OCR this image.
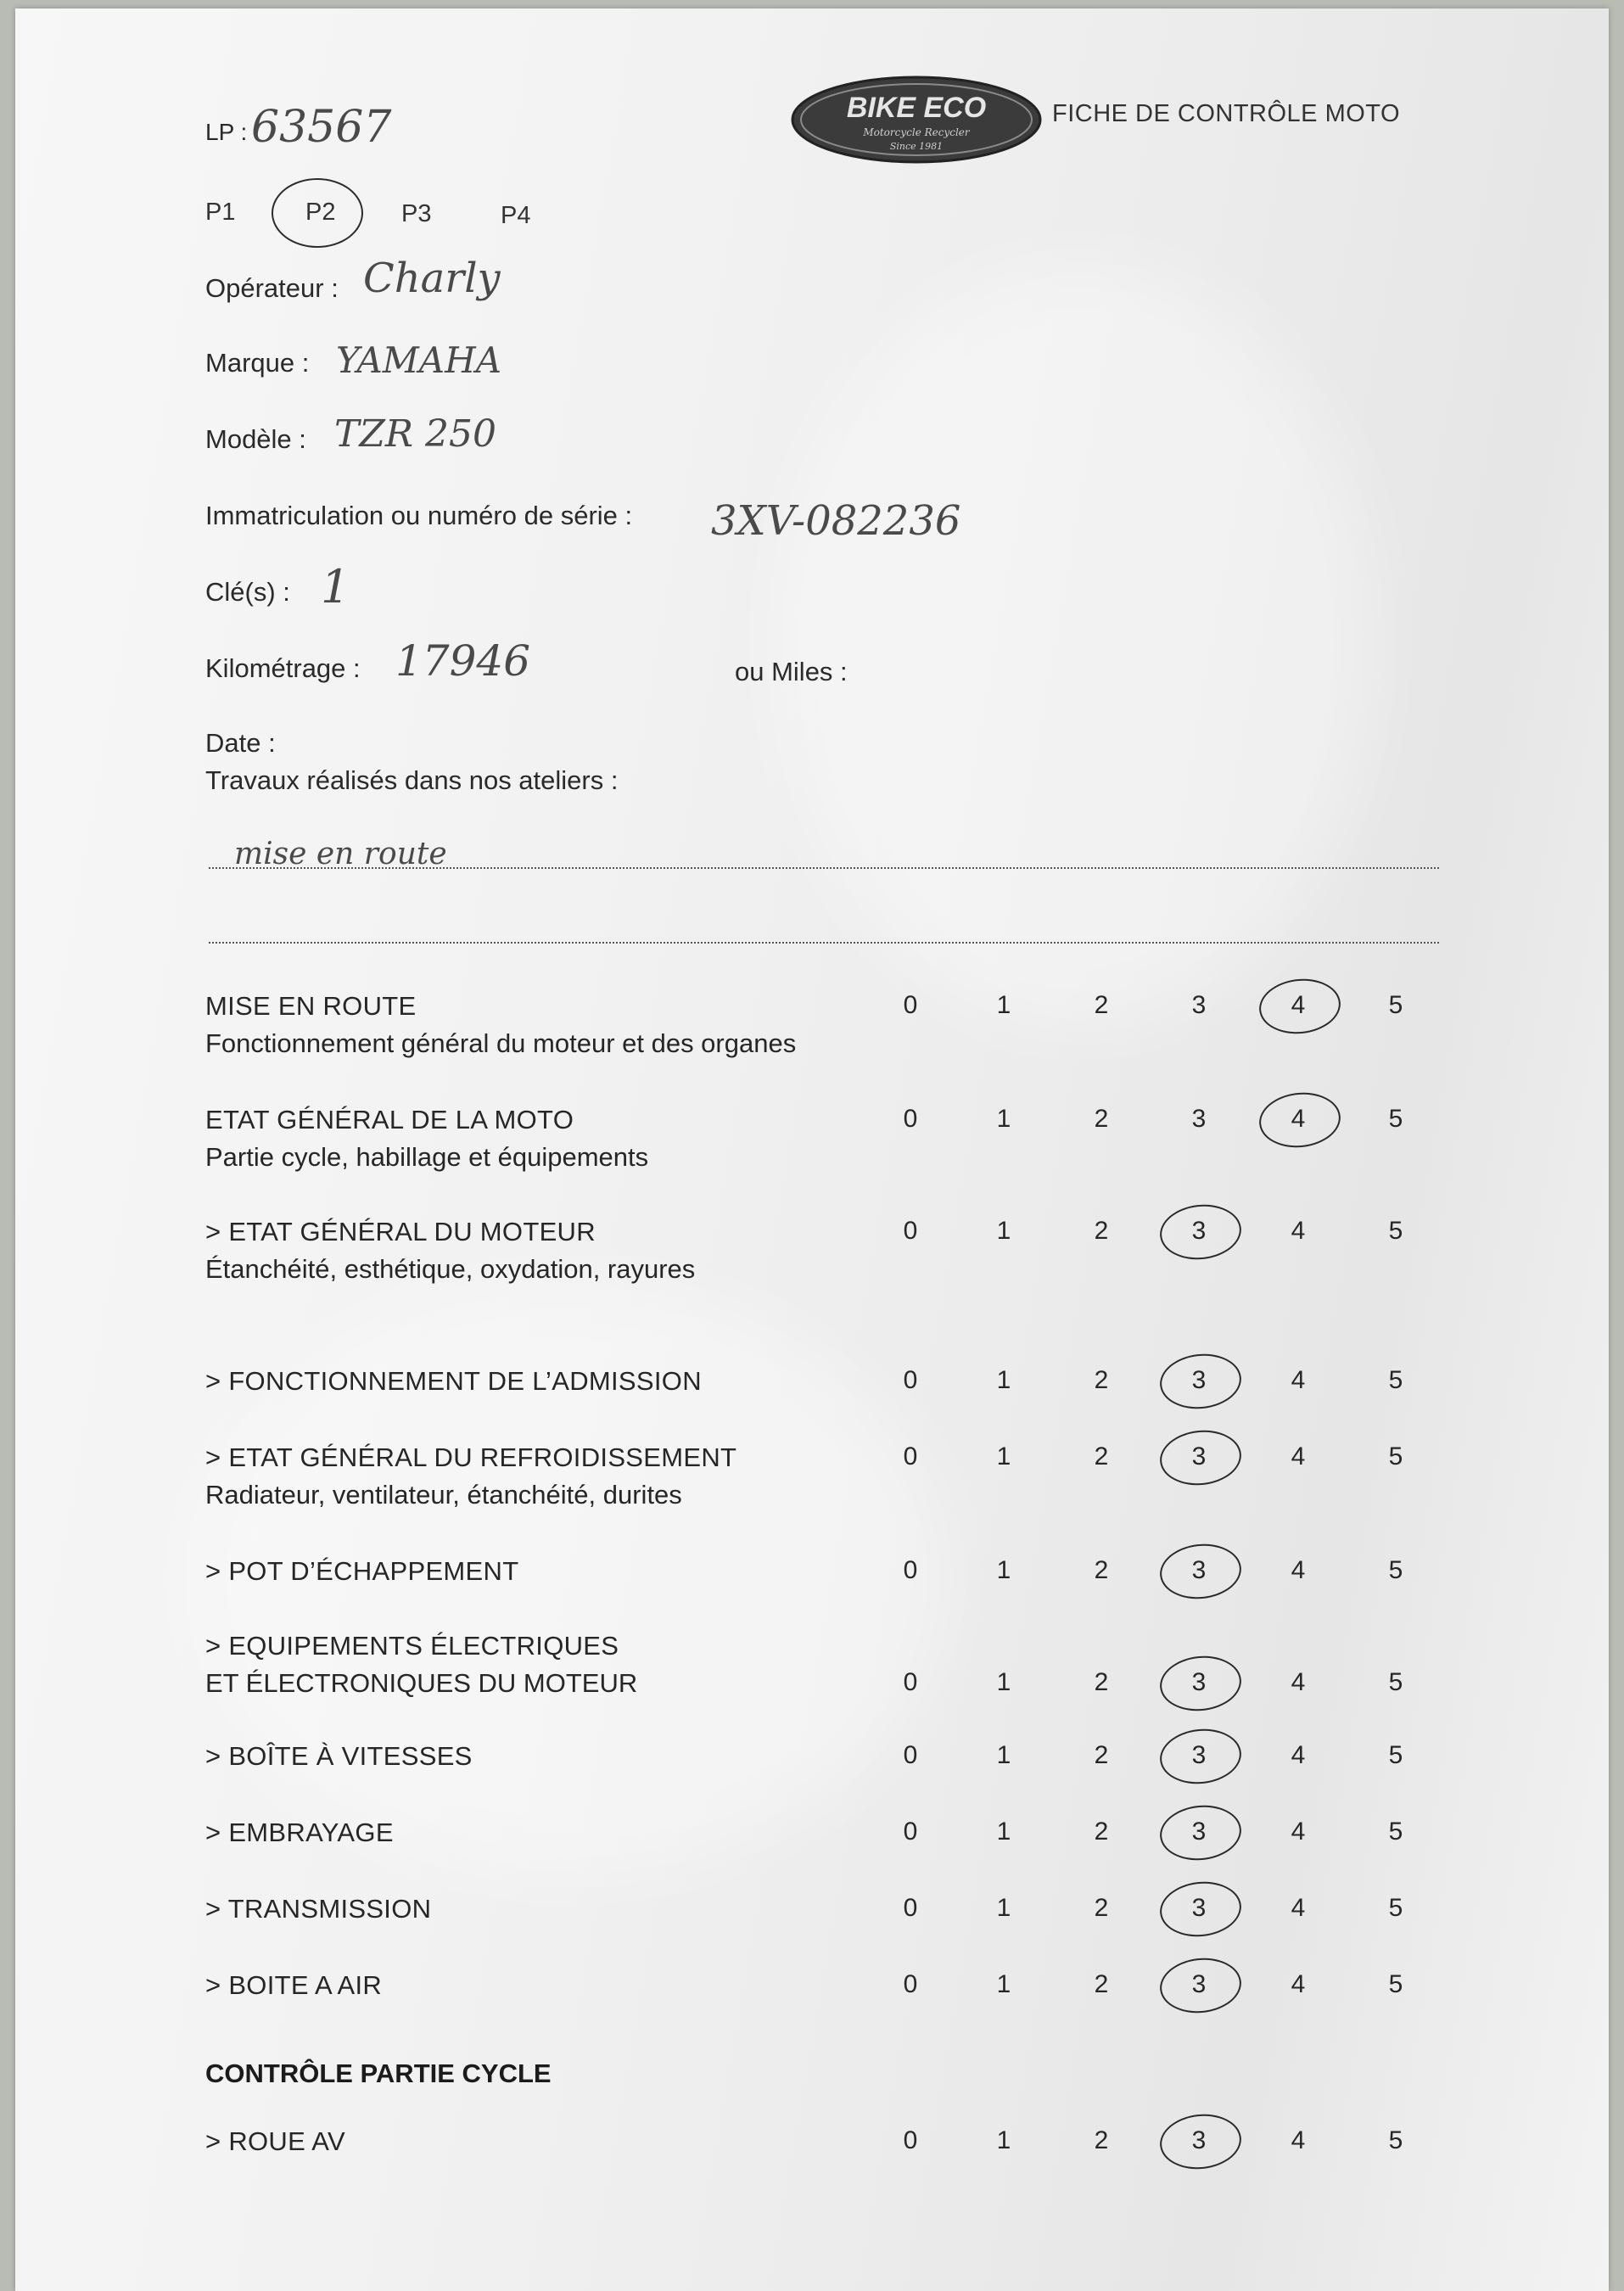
BIKE ECO
Motorcycle Recycler
Since 1981
FICHE DE CONTRÔLE MOTO
LP : 63567
P1	P2	P3	P4
Opérateur : Charly
Marque : YAMAHA
Modèle : TZR 250
Immatriculation ou numéro de série : 3XV-082236
Clé(s) : 1
Kilométrage : 17946	ou Miles :
Date :
Travaux réalisés dans nos ateliers :
mise en route
MISE EN ROUTE
Fonctionnement général du moteur et des organes
0	1	2	3	4	5
ETAT GÉNÉRAL DE LA MOTO
Partie cycle, habillage et équipements
0	1	2	3	4	5
> ETAT GÉNÉRAL DU MOTEUR
Étanchéité, esthétique, oxydation, rayures
0	1	2	3	4	5
> FONCTIONNEMENT DE L’ADMISSION	0	1	2	3	4	5
> ETAT GÉNÉRAL DU REFROIDISSEMENT
Radiateur, ventilateur, étanchéité, durites
0	1	2	3	4	5
> POT D’ÉCHAPPEMENT	0	1	2	3	4	5
> EQUIPEMENTS ÉLECTRIQUES
ET ÉLECTRONIQUES DU MOTEUR	0	1	2	3	4	5
> BOÎTE À VITESSES	0	1	2	3	4	5
> EMBRAYAGE	0	1	2	3	4	5
> TRANSMISSION	0	1	2	3	4	5
> BOITE A AIR	0	1	2	3	4	5
> ROUE AV	0	1	2	3	4	5
CONTRÔLE PARTIE CYCLE
